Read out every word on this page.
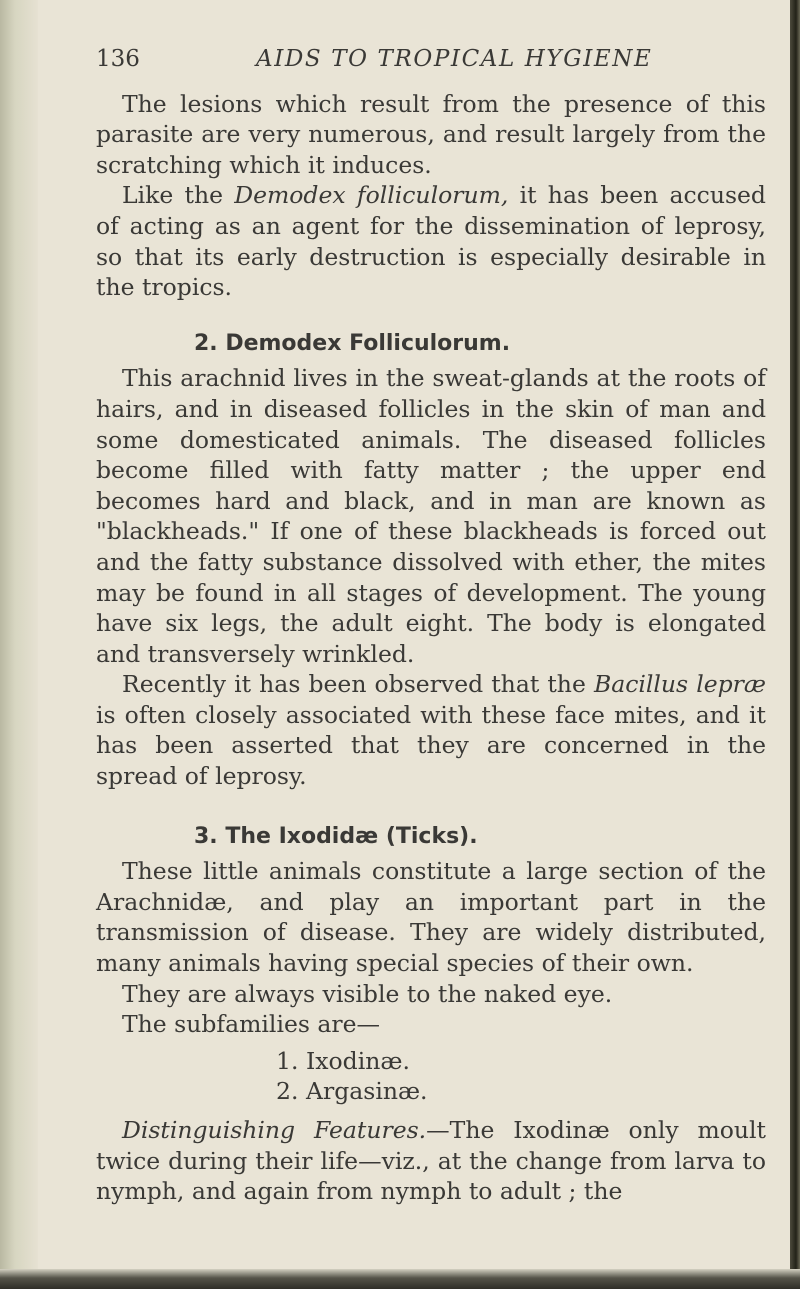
136	AIDS TO TROPICAL HYGIENE

The lesions which result from the presence of this parasite are very numerous, and result largely from the scratching which it induces.

Like the Demodex folliculorum, it has been accused of acting as an agent for the dissemination of leprosy, so that its early destruction is especially desirable in the tropics.

2. Demodex Folliculorum.

This arachnid lives in the sweat-glands at the roots of hairs, and in diseased follicles in the skin of man and some domesticated animals. The diseased follicles become filled with fatty matter ; the upper end becomes hard and black, and in man are known as "blackheads." If one of these blackheads is forced out and the fatty substance dissolved with ether, the mites may be found in all stages of development. The young have six legs, the adult eight. The body is elongated and transversely wrinkled.

Recently it has been observed that the Bacillus lepræ is often closely associated with these face mites, and it has been asserted that they are concerned in the spread of leprosy.

3. The Ixodidæ (Ticks).

These little animals constitute a large section of the Arachnidæ, and play an important part in the transmission of disease. They are widely distributed, many animals having special species of their own.

They are always visible to the naked eye.

The subfamilies are—

1. Ixodinæ.
2. Argasinæ.

Distinguishing Features.—The Ixodinæ only moult twice during their life—viz., at the change from larva to nymph, and again from nymph to adult ; the
